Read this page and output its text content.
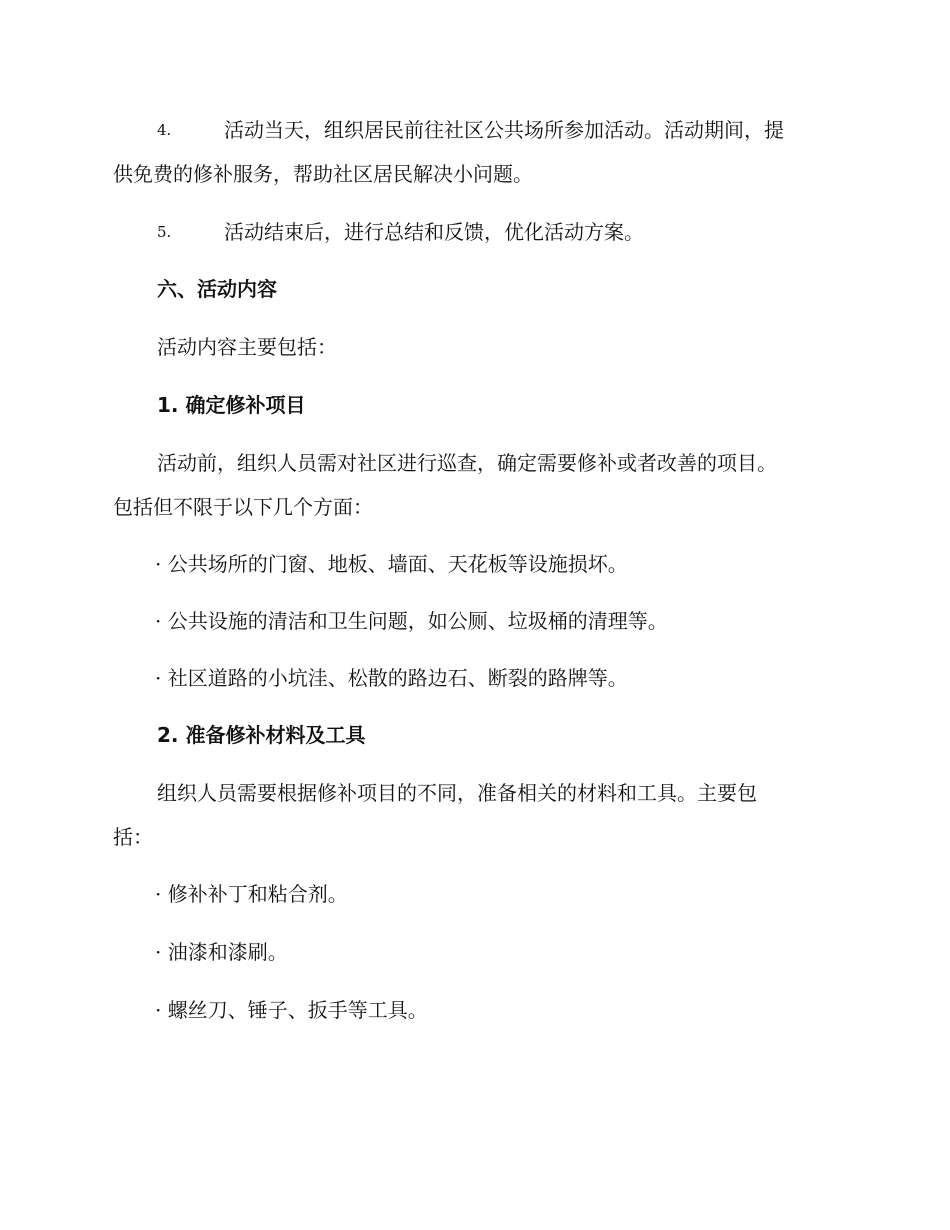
4.	活动当天，组织居民前往社区公共场所参加活动。活动期间，提
供免费的修补服务，帮助社区居民解决小问题。
5.	活动结束后，进行总结和反馈，优化活动方案。
六、活动内容
活动内容主要包括：
1. 确定修补项目
活动前，组织人员需对社区进行巡查，确定需要修补或者改善的项目。
包括但不限于以下几个方面：
· 公共场所的门窗、地板、墙面、天花板等设施损坏。
· 公共设施的清洁和卫生问题，如公厕、垃圾桶的清理等。
· 社区道路的小坑洼、松散的路边石、断裂的路牌等。
2. 准备修补材料及工具
组织人员需要根据修补项目的不同，准备相关的材料和工具。主要包
括：
· 修补补丁和粘合剂。
· 油漆和漆刷。
· 螺丝刀、锤子、扳手等工具。
